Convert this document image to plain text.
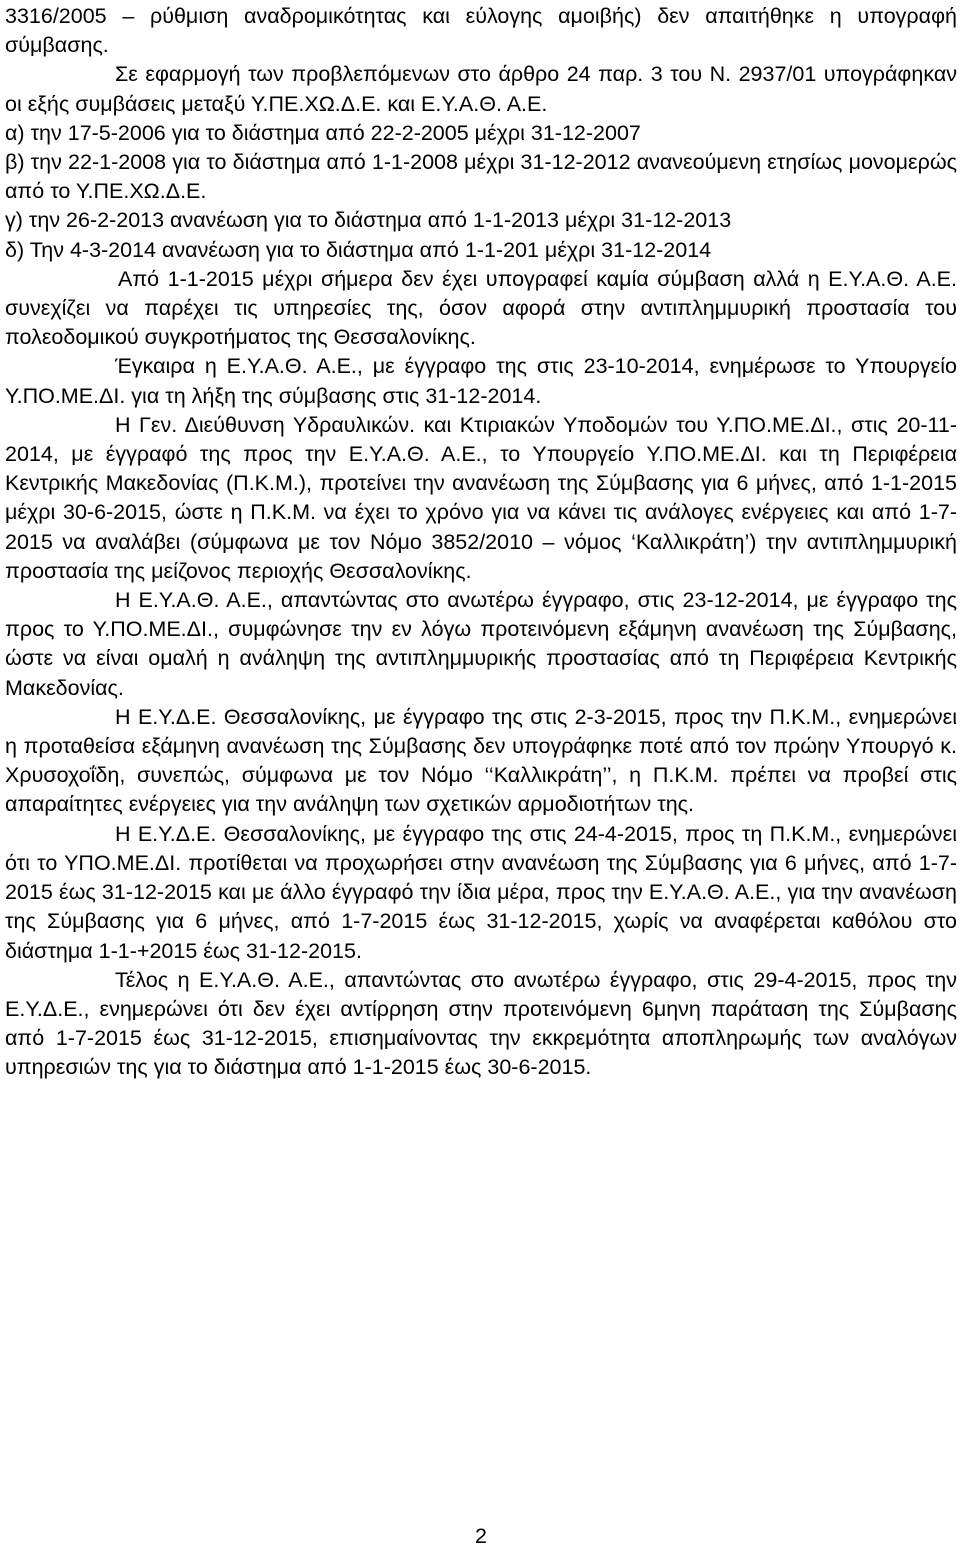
3316/2005 – ρύθμιση αναδρομικότητας και εύλογης αμοιβής) δεν απαιτήθηκε η υπογραφή σύμβασης.

Σε εφαρμογή των προβλεπόμενων στο άρθρο 24 παρ. 3 του Ν. 2937/01 υπογράφηκαν οι εξής συμβάσεις μεταξύ Υ.ΠΕ.ΧΩ.Δ.Ε. και Ε.Υ.Α.Θ. Α.Ε.

α) την 17-5-2006 για το διάστημα από 22-2-2005 μέχρι 31-12-2007

β) την 22-1-2008 για το διάστημα από 1-1-2008 μέχρι 31-12-2012 ανανεούμενη ετησίως μονομερώς από το Υ.ΠΕ.ΧΩ.Δ.Ε.

γ) την 26-2-2013 ανανέωση για το διάστημα από 1-1-2013 μέχρι 31-12-2013

δ) Την 4-3-2014 ανανέωση για το διάστημα από 1-1-201 μέχρι 31-12-2014

Από 1-1-2015 μέχρι σήμερα δεν έχει υπογραφεί καμία σύμβαση αλλά η Ε.Υ.Α.Θ. Α.Ε. συνεχίζει να παρέχει τις υπηρεσίες της, όσον αφορά στην αντιπλημμυρική προστασία του πολεοδομικού συγκροτήματος της Θεσσαλονίκης.

Έγκαιρα η Ε.Υ.Α.Θ. Α.Ε., με έγγραφο της στις 23-10-2014, ενημέρωσε το Υπουργείο Υ.ΠΟ.ΜΕ.ΔΙ. για τη λήξη της σύμβασης στις 31-12-2014.

Η Γεν. Διεύθυνση Υδραυλικών. και Κτιριακών Υποδομών του Υ.ΠΟ.ΜΕ.ΔΙ., στις 20-11-2014, με έγγραφό της προς την Ε.Υ.Α.Θ. Α.Ε., το Υπουργείο Υ.ΠΟ.ΜΕ.ΔΙ. και τη Περιφέρεια Κεντρικής Μακεδονίας (Π.Κ.Μ.), προτείνει την ανανέωση της Σύμβασης για 6 μήνες, από 1-1-2015 μέχρι 30-6-2015, ώστε η Π.Κ.Μ. να έχει το χρόνο για να κάνει τις ανάλογες ενέργειες και από 1-7-2015 να αναλάβει (σύμφωνα με τον Νόμο 3852/2010 – νόμος ‘Καλλικράτη’) την αντιπλημμυρική προστασία της μείζονος περιοχής Θεσσαλονίκης.

Η Ε.Υ.Α.Θ. Α.Ε., απαντώντας στο ανωτέρω έγγραφο, στις 23-12-2014, με έγγραφο της προς το Υ.ΠΟ.ΜΕ.ΔΙ., συμφώνησε την εν λόγω προτεινόμενη εξάμηνη ανανέωση της Σύμβασης, ώστε να είναι ομαλή η ανάληψη της αντιπλημμυρικής προστασίας από τη Περιφέρεια Κεντρικής Μακεδονίας.

Η Ε.Υ.Δ.Ε. Θεσσαλονίκης, με έγγραφο της στις 2-3-2015, προς την Π.Κ.Μ., ενημερώνει η προταθείσα εξάμηνη ανανέωση της Σύμβασης δεν υπογράφηκε ποτέ από τον πρώην Υπουργό κ. Χρυσοχοΐδη, συνεπώς, σύμφωνα με τον Νόμο ‘‘Καλλικράτη’’, η Π.Κ.Μ. πρέπει να προβεί στις απαραίτητες ενέργειες για την ανάληψη των σχετικών αρμοδιοτήτων της.

Η Ε.Υ.Δ.Ε. Θεσσαλονίκης, με έγγραφο της στις 24-4-2015, προς τη Π.Κ.Μ., ενημερώνει ότι το ΥΠΟ.ΜΕ.ΔΙ. προτίθεται να προχωρήσει στην ανανέωση της Σύμβασης για 6 μήνες, από 1-7-2015 έως 31-12-2015 και με άλλο έγγραφό την ίδια μέρα, προς την Ε.Υ.Α.Θ. Α.Ε., για την ανανέωση της Σύμβασης για 6 μήνες, από 1-7-2015 έως 31-12-2015, χωρίς να αναφέρεται καθόλου στο διάστημα 1-1-+2015 έως 31-12-2015.

Τέλος η Ε.Υ.Α.Θ. Α.Ε., απαντώντας στο ανωτέρω έγγραφο, στις 29-4-2015, προς την Ε.Υ.Δ.Ε., ενημερώνει ότι δεν έχει αντίρρηση στην προτεινόμενη 6μηνη παράταση της Σύμβασης από 1-7-2015 έως 31-12-2015, επισημαίνοντας την εκκρεμότητα αποπληρωμής των αναλόγων υπηρεσιών της για το διάστημα από 1-1-2015 έως 30-6-2015.

2
